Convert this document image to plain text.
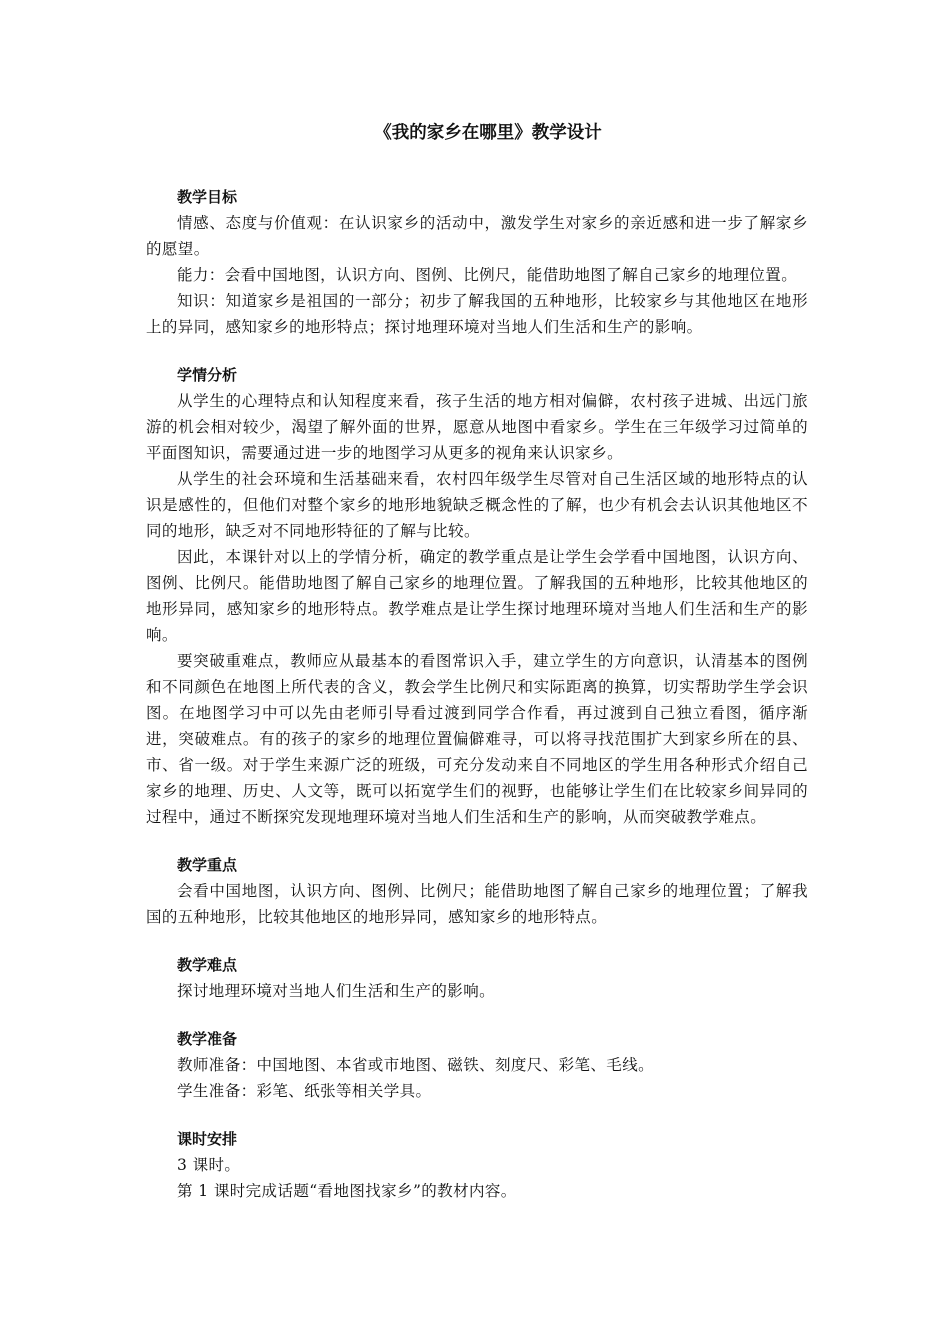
《我的家乡在哪里》教学设计
教学目标

情感、态度与价值观：在认识家乡的活动中，激发学生对家乡的亲近感和进一步了解家乡的愿望。

能力：会看中国地图，认识方向、图例、比例尺，能借助地图了解自己家乡的地理位置。

知识：知道家乡是祖国的一部分；初步了解我国的五种地形，比较家乡与其他地区在地形上的异同，感知家乡的地形特点；探讨地理环境对当地人们生活和生产的影响。

学情分析

从学生的心理特点和认知程度来看，孩子生活的地方相对偏僻，农村孩子进城、出远门旅游的机会相对较少，渴望了解外面的世界，愿意从地图中看家乡。学生在三年级学习过简单的平面图知识，需要通过进一步的地图学习从更多的视角来认识家乡。

从学生的社会环境和生活基础来看，农村四年级学生尽管对自己生活区域的地形特点的认识是感性的，但他们对整个家乡的地形地貌缺乏概念性的了解，也少有机会去认识其他地区不同的地形，缺乏对不同地形特征的了解与比较。

因此，本课针对以上的学情分析，确定的教学重点是让学生会学看中国地图，认识方向、图例、比例尺。能借助地图了解自己家乡的地理位置。了解我国的五种地形，比较其他地区的地形异同，感知家乡的地形特点。教学难点是让学生探讨地理环境对当地人们生活和生产的影响。

要突破重难点，教师应从最基本的看图常识入手，建立学生的方向意识，认清基本的图例和不同颜色在地图上所代表的含义，教会学生比例尺和实际距离的换算，切实帮助学生学会识图。在地图学习中可以先由老师引导看过渡到同学合作看，再过渡到自己独立看图，循序渐进，突破难点。有的孩子的家乡的地理位置偏僻难寻，可以将寻找范围扩大到家乡所在的县、市、省一级。对于学生来源广泛的班级，可充分发动来自不同地区的学生用各种形式介绍自己家乡的地理、历史、人文等，既可以拓宽学生们的视野，也能够让学生们在比较家乡间异同的过程中，通过不断探究发现地理环境对当地人们生活和生产的影响，从而突破教学难点。

教学重点

会看中国地图，认识方向、图例、比例尺；能借助地图了解自己家乡的地理位置；了解我国的五种地形，比较其他地区的地形异同，感知家乡的地形特点。

教学难点

探讨地理环境对当地人们生活和生产的影响。

教学准备

教师准备：中国地图、本省或市地图、磁铁、刻度尺、彩笔、毛线。

学生准备：彩笔、纸张等相关学具。

课时安排

3 课时。

第 1 课时完成话题“看地图找家乡”的教材内容。
